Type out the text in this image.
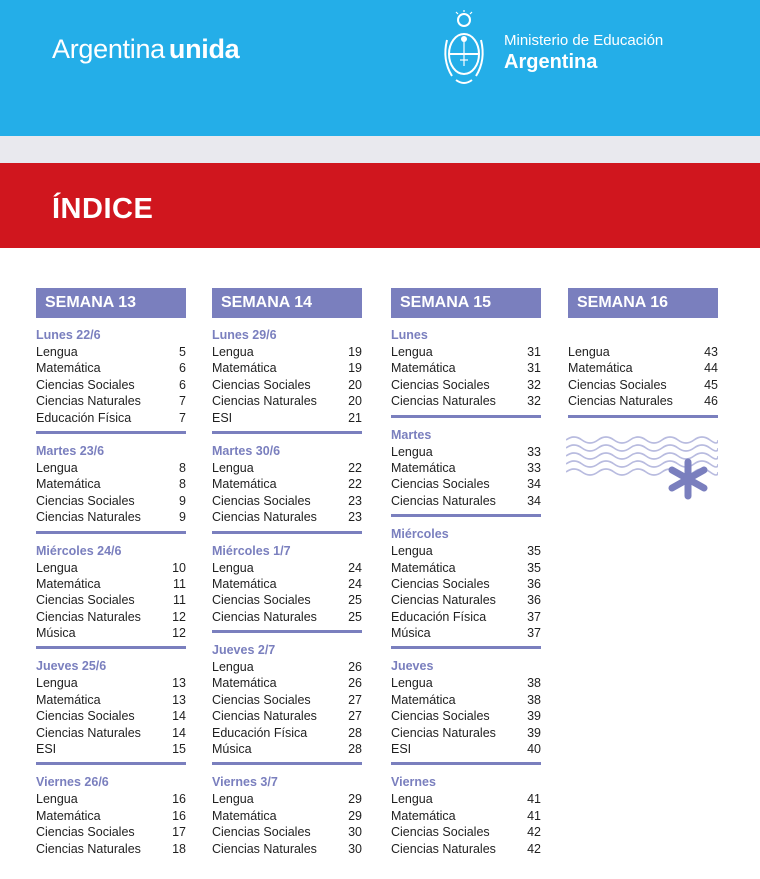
Argentina unida	Ministerio de Educación
Argentina
ÍNDICE
SEMANA 13
Lunes 22/6
Lengua	5
Matemática	6
Ciencias Sociales	6
Ciencias Naturales	7
Educación Física	7
Martes 23/6
Lengua	8
Matemática	8
Ciencias Sociales	9
Ciencias Naturales	9
Miércoles 24/6
Lengua	10
Matemática	11
Ciencias Sociales	11
Ciencias Naturales 12
Música	12
Jueves 25/6
Lengua	13
Matemática	13
Ciencias Sociales	14
Ciencias Naturales 14
ESI	15
Viernes 26/6
Lengua	16
Matemática	16
Ciencias Sociales	17
Ciencias Naturales 18
SEMANA 14
Lunes 29/6
Lengua	19
Matemática	19
Ciencias Sociales	20
Ciencias Naturales 20
ESI	21
Martes 30/6
Lengua	22
Matemática	22
Ciencias Sociales	23
Ciencias Naturales 23
Miércoles 1/7
Lengua	24
Matemática	24
Ciencias Sociales	25
Ciencias Naturales 25
Jueves 2/7
Lengua	26
Matemática	26
Ciencias Sociales	27
Ciencias Naturales 27
Educación Física	28
Música	28
Viernes 3/7
Lengua	29
Matemática	29
Ciencias Sociales	30
Ciencias Naturales 30
SEMANA 15
Lunes
Lengua	31
Matemática	31
Ciencias Sociales	32
Ciencias Naturales 32
Martes
Lengua	33
Matemática	33
Ciencias Sociales	34
Ciencias Naturales 34
Miércoles
Lengua	35
Matemática	35
Ciencias Sociales	36
Ciencias Naturales 36
Educación Física	37
Música	37
Jueves
Lengua	38
Matemática	38
Ciencias Sociales	39
Ciencias Naturales 39
ESI	40
Viernes
Lengua	41
Matemática	41
Ciencias Sociales	42
Ciencias Naturales 42
SEMANA 16
Lengua	43
Matemática	44
Ciencias Sociales	45
Ciencias Naturales 46
